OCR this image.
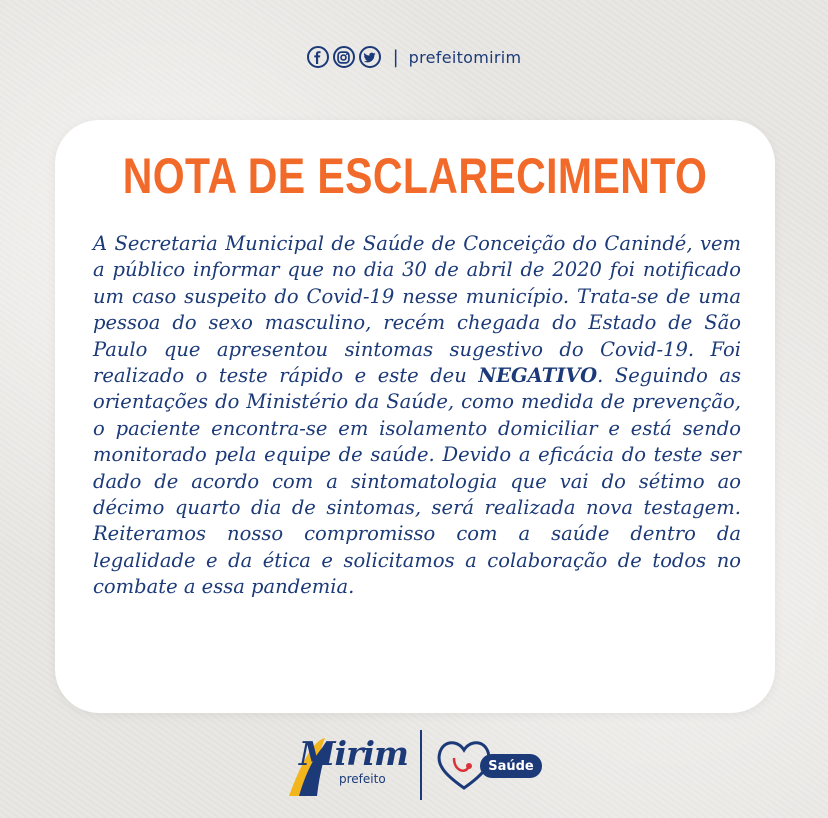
| prefeitomirim
NOTA DE ESCLARECIMENTO
A Secretaria Municipal de Saúde de Conceição do Canindé, vem a público informar que no dia 30 de abril de 2020 foi notificado um caso suspeito do Covid-19 nesse município. Trata-se de uma pessoa do sexo masculino, recém chegada do Estado de São Paulo que apresentou sintomas sugestivo do Covid-19. Foi realizado o teste rápido e este deu NEGATIVO. Seguindo as orientações do Ministério da Saúde, como medida de prevenção, o paciente encontra-se em isolamento domiciliar e está sendo monitorado pela equipe de saúde. Devido a eficácia do teste ser dado de acordo com a sintomatologia que vai do sétimo ao décimo quarto dia de sintomas, será realizada nova testagem. Reiteramos nosso compromisso com a saúde dentro da legalidade e da ética e solicitamos a colaboração de todos no combate a essa pandemia.
Mirim
prefeito
Saúde
